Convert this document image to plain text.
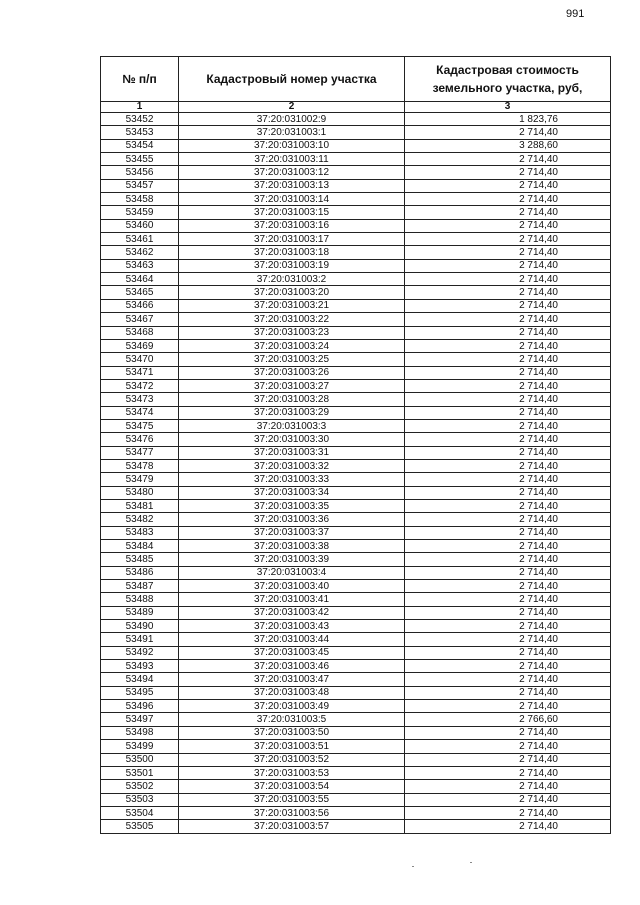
991
№ п/п	Кадастровый номер участка	Кадастровая стоимость земельного участка, руб,
1	2	3
53452	37:20:031002:9	1 823,76
53453	37:20:031003:1	2 714,40
53454	37:20:031003:10	3 288,60
53455	37:20:031003:11	2 714,40
53456	37:20:031003:12	2 714,40
53457	37:20:031003:13	2 714,40
53458	37:20:031003:14	2 714,40
53459	37:20:031003:15	2 714,40
53460	37:20:031003:16	2 714,40
53461	37:20:031003:17	2 714,40
53462	37:20:031003:18	2 714,40
53463	37:20:031003:19	2 714,40
53464	37:20:031003:2	2 714,40
53465	37:20:031003:20	2 714,40
53466	37:20:031003:21	2 714,40
53467	37:20:031003:22	2 714,40
53468	37:20:031003:23	2 714,40
53469	37:20:031003:24	2 714,40
53470	37:20:031003:25	2 714,40
53471	37:20:031003:26	2 714,40
53472	37:20:031003:27	2 714,40
53473	37:20:031003:28	2 714,40
53474	37:20:031003:29	2 714,40
53475	37:20:031003:3	2 714,40
53476	37:20:031003:30	2 714,40
53477	37:20:031003:31	2 714,40
53478	37:20:031003:32	2 714,40
53479	37:20:031003:33	2 714,40
53480	37:20:031003:34	2 714,40
53481	37:20:031003:35	2 714,40
53482	37:20:031003:36	2 714,40
53483	37:20:031003:37	2 714,40
53484	37:20:031003:38	2 714,40
53485	37:20:031003:39	2 714,40
53486	37:20:031003:4	2 714,40
53487	37:20:031003:40	2 714,40
53488	37:20:031003:41	2 714,40
53489	37:20:031003:42	2 714,40
53490	37:20:031003:43	2 714,40
53491	37:20:031003:44	2 714,40
53492	37:20:031003:45	2 714,40
53493	37:20:031003:46	2 714,40
53494	37:20:031003:47	2 714,40
53495	37:20:031003:48	2 714,40
53496	37:20:031003:49	2 714,40
53497	37:20:031003:5	2 766,60
53498	37:20:031003:50	2 714,40
53499	37:20:031003:51	2 714,40
53500	37:20:031003:52	2 714,40
53501	37:20:031003:53	2 714,40
53502	37:20:031003:54	2 714,40
53503	37:20:031003:55	2 714,40
53504	37:20:031003:56	2 714,40
53505	37:20:031003:57	2 714,40
